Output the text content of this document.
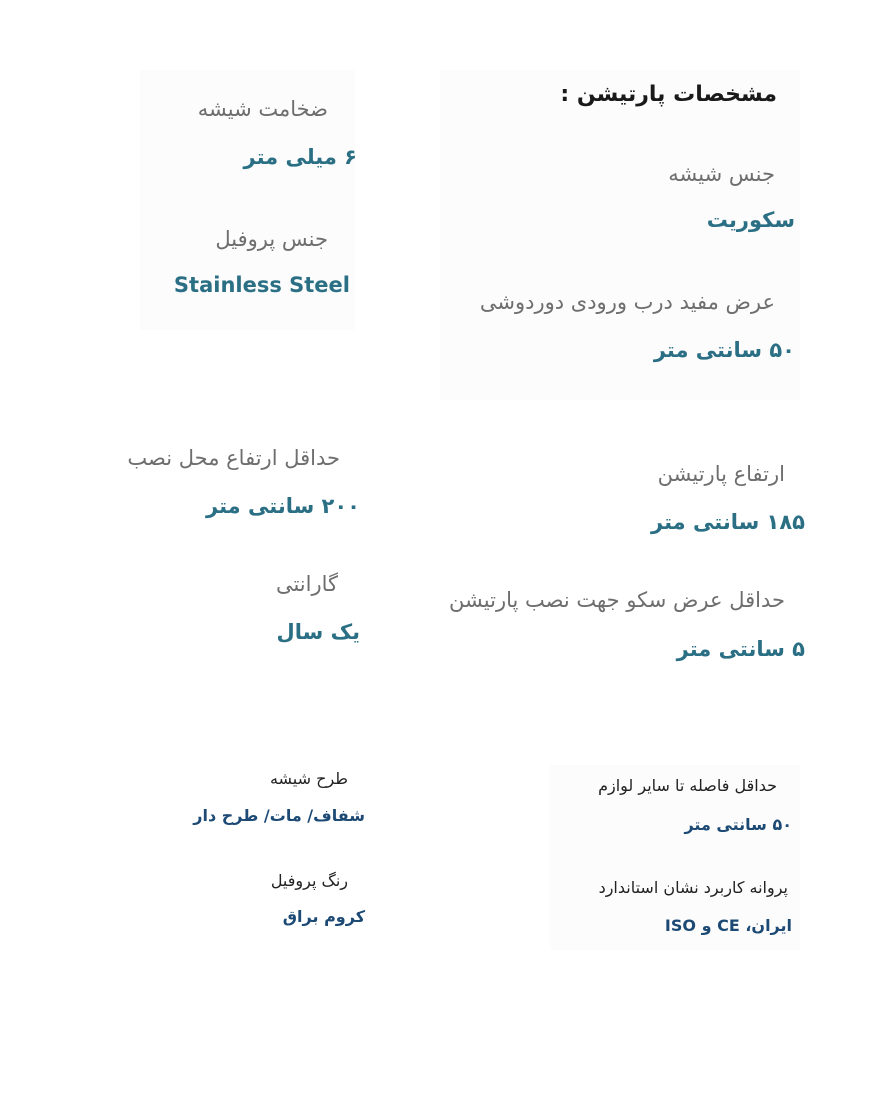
مشخصات پارتیشن :
جنس شیشه
سکوریت
عرض مفید درب ورودی دوردوشی
۵۰ سانتی متر
ارتفاع پارتیشن
۱۸۵ سانتی متر
حداقل عرض سکو جهت نصب پارتیشن
۵ سانتی متر
حداقل فاصله تا سایر لوازم
۵۰ سانتی متر
پروانه کاربرد نشان استاندارد
ایران، CE و ISO
ضخامت شیشه
۶ میلی متر
جنس پروفیل
Stainless Steel
حداقل ارتفاع محل نصب
۲۰۰ سانتی متر
گارانتی
یک سال
طرح شیشه
شفاف/ مات/ طرح دار
رنگ پروفیل
کروم براق
